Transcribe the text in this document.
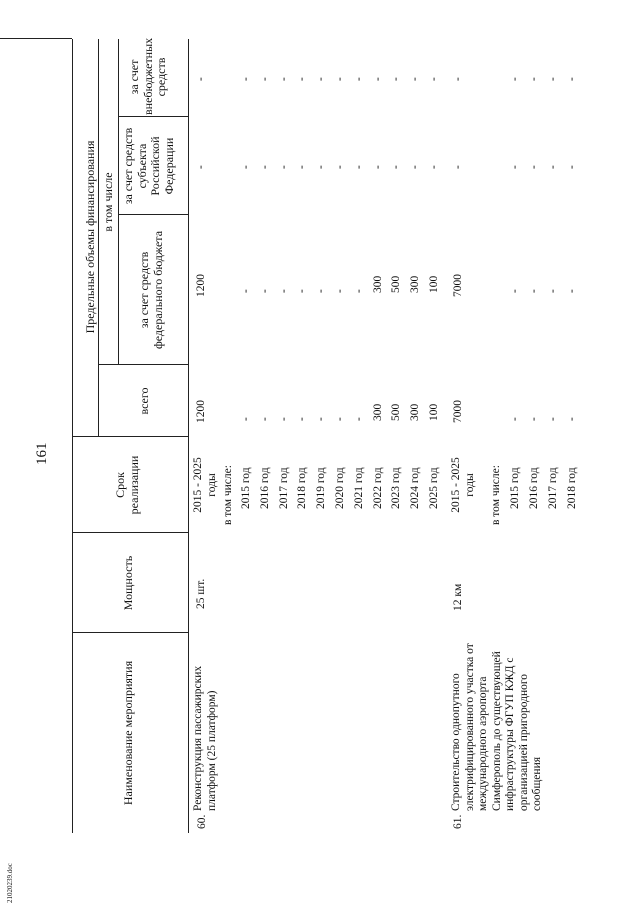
161
21020239.doc
Наименование мероприятия
Мощность
Срок реализации
Предельные объемы финансирования
всего
в том числе
за счет средств федерального бюджета
за счет средств субъекта Российской Федерации
за счет внебюджетных средств
60.
Реконструкция пассажирских платформ (25 платформ)
25 шт.
2015 - 2025 годы
1200
1200
-
-
в том числе: 2015 год
-
-
-
-
2016 год
-
-
-
-
2017 год
-
-
-
-
2018 год
-
-
-
-
2019 год
-
-
-
-
2020 год
-
-
-
-
2021 год
-
-
-
-
2022 год
300
300
-
-
2023 год
500
500
-
-
2024 год
300
300
-
-
2025 год
100
100
-
-
61.
Строительство однопутного электрифицированного участка от международного аэропорта Симферополь до существующей инфраструктуры ФГУП КЖД с организацией пригородного сообщения
12 км
2015 - 2025 годы
7000
7000
-
-
в том числе: 2015 год
-
-
-
-
2016 год
-
-
-
-
2017 год
-
-
-
-
2018 год
-
-
-
-
